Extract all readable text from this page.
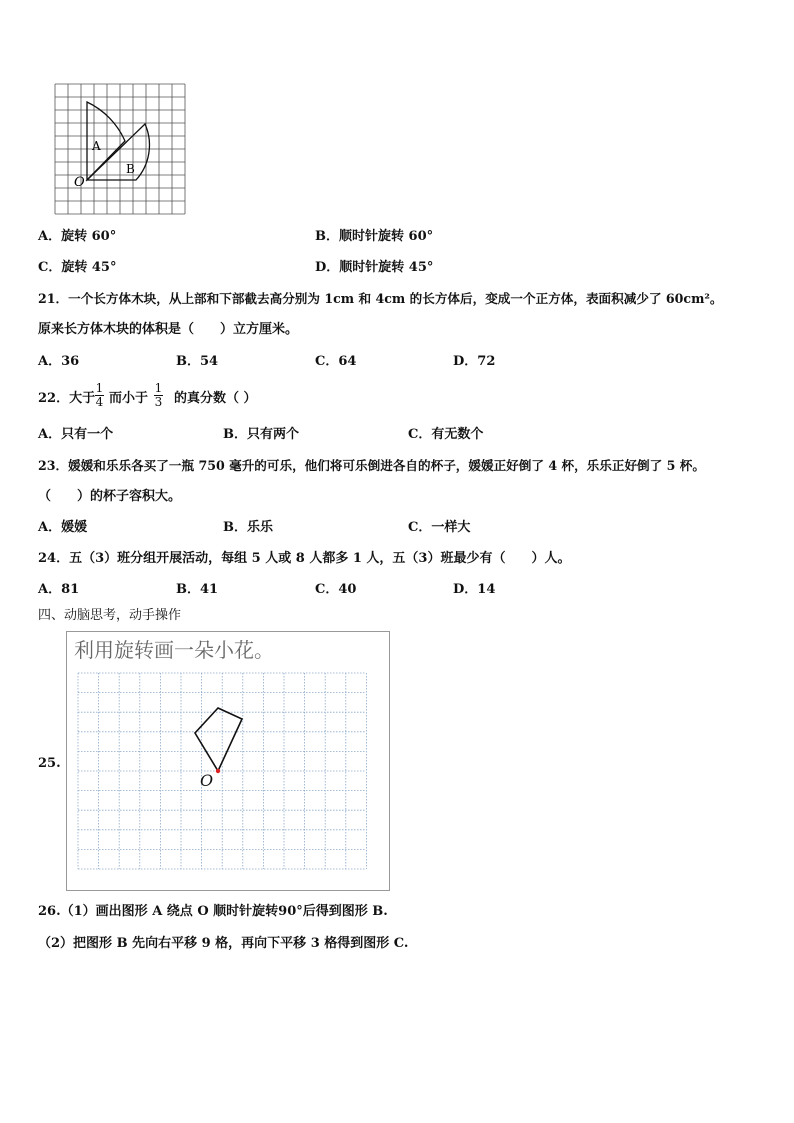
A
B
O
A．旋转 60°	B．顺时针旋转 60°
C．旋转 45°	D．顺时针旋转 45°
21．一个长方体木块，从上部和下部截去高分别为 1cm 和 4cm 的长方体后，变成一个正方体，表面积减少了 60cm²。
原来长方体木块的体积是（　　）立方厘米。
A．36	B．54	C．64	D．72
22．大于
1
4 而小于
1
3 的真分数（ ）
A．只有一个	B．只有两个	C．有无数个
23．媛媛和乐乐各买了一瓶 750 毫升的可乐，他们将可乐倒进各自的杯子，媛媛正好倒了 4 杯，乐乐正好倒了 5 杯。
（　　）的杯子容积大。
A．媛媛	B．乐乐	C．一样大
24．五（3）班分组开展活动，每组 5 人或 8 人都多 1 人，五（3）班最少有（　　）人。
A．81	B．41	C．40	D．14
四、动脑思考，动手操作
25.
利用旋转画一朵小花。
O
26.（1）画出图形 A 绕点 O 顺时针旋转90°后得到图形 B.
（2）把图形 B 先向右平移 9 格，再向下平移 3 格得到图形 C.
